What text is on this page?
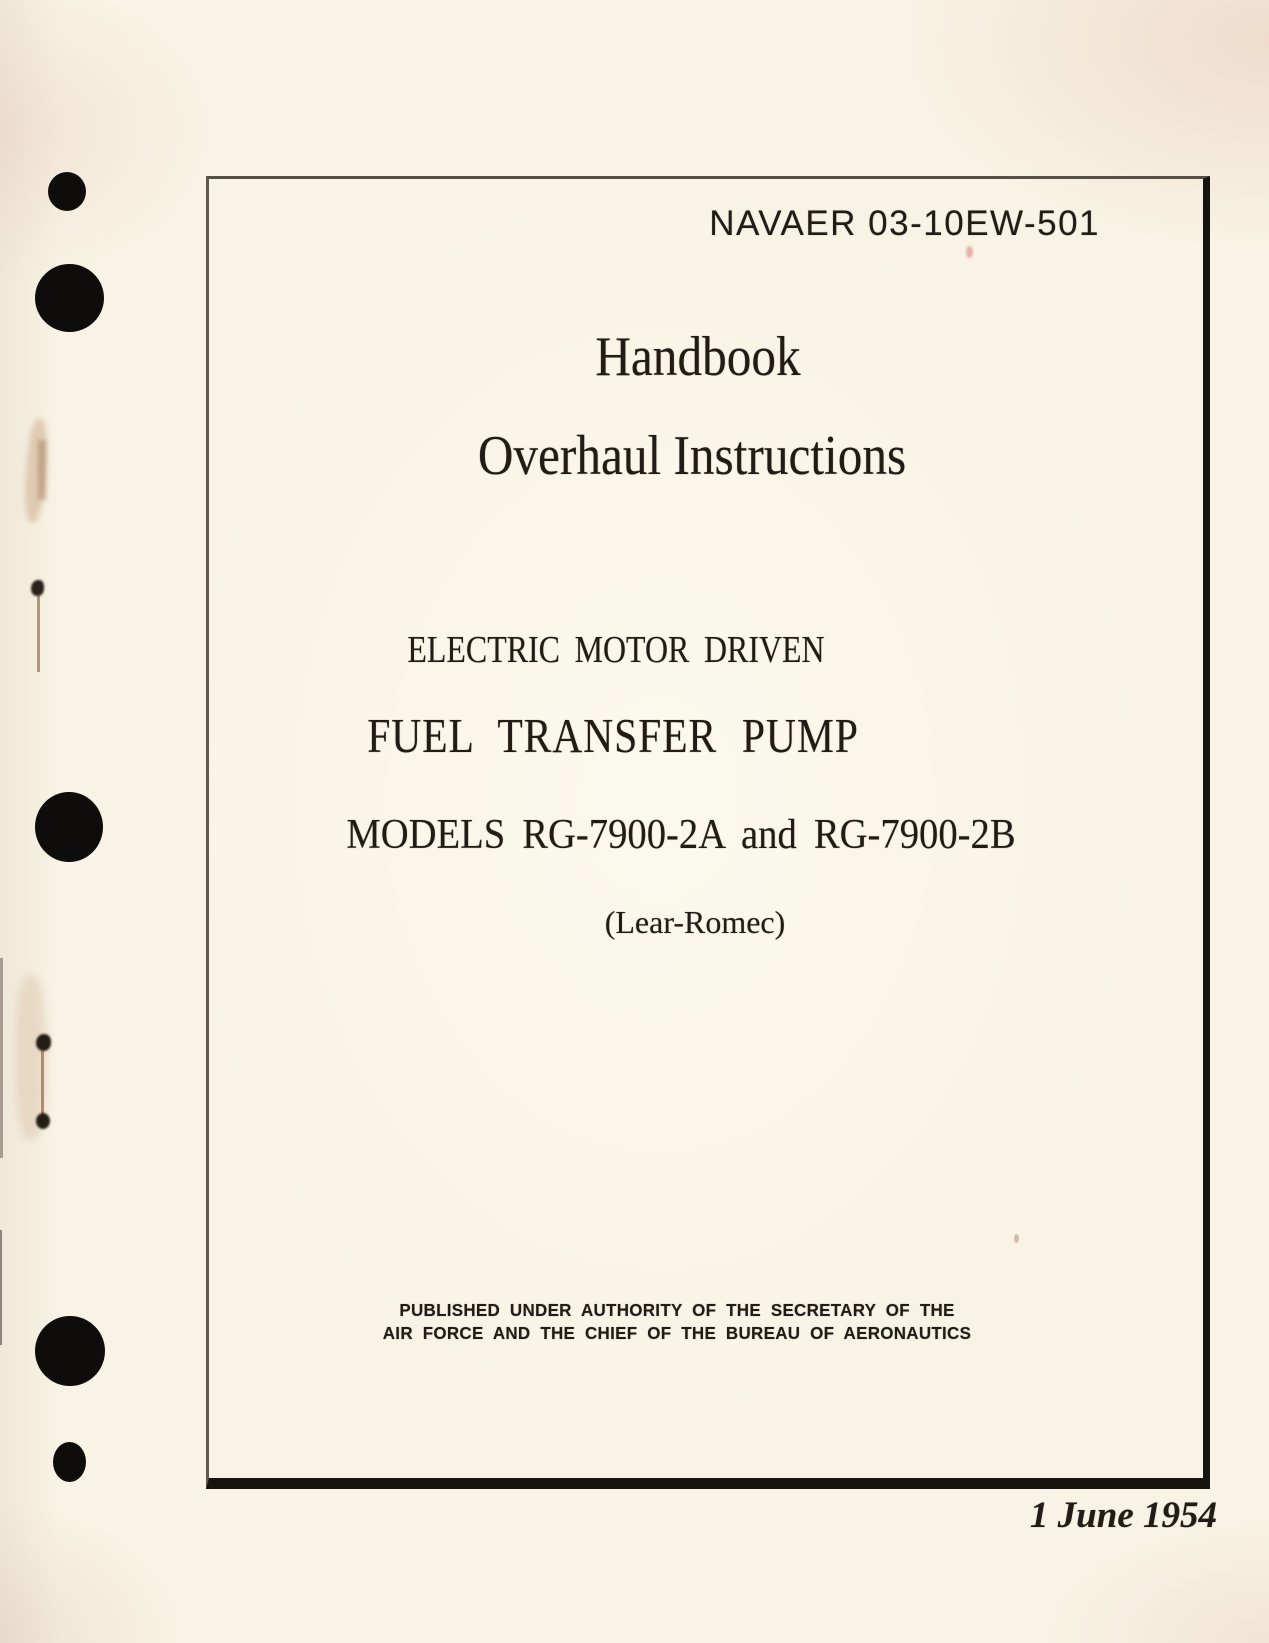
NAVAER 03-10EW-501
Handbook
Overhaul Instructions
ELECTRIC MOTOR DRIVEN
FUEL TRANSFER PUMP
MODELS RG-7900-2A and RG-7900-2B
(Lear-Romec)
PUBLISHED UNDER AUTHORITY OF THE SECRETARY OF THE
AIR FORCE AND THE CHIEF OF THE BUREAU OF AERONAUTICS
1 June 1954
